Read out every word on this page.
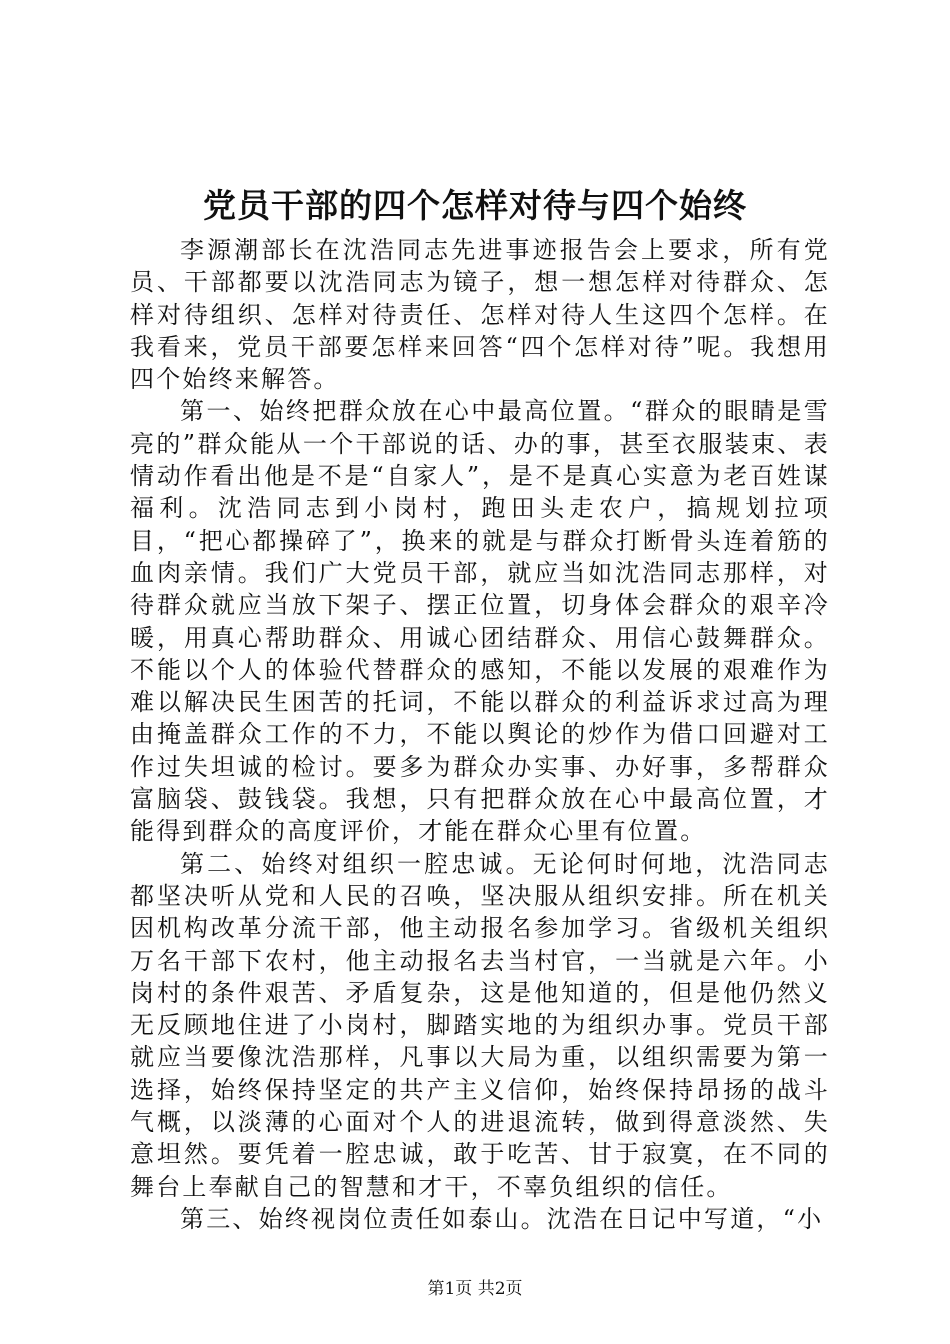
党员干部的四个怎样对待与四个始终

李源潮部长在沈浩同志先进事迹报告会上要求，所有党员、干部都要以沈浩同志为镜子，想一想怎样对待群众、怎样对待组织、怎样对待责任、怎样对待人生这四个怎样。在我看来，党员干部要怎样来回答“四个怎样对待”呢。我想用四个始终来解答。

第一、始终把群众放在心中最高位置。“群众的眼睛是雪亮的”群众能从一个干部说的话、办的事，甚至衣服装束、表情动作看出他是不是“自家人”，是不是真心实意为老百姓谋福利。沈浩同志到小岗村，跑田头走农户，搞规划拉项目，“把心都操碎了”，换来的就是与群众打断骨头连着筋的血肉亲情。我们广大党员干部，就应当如沈浩同志那样，对待群众就应当放下架子、摆正位置，切身体会群众的艰辛冷暖，用真心帮助群众、用诚心团结群众、用信心鼓舞群众。不能以个人的体验代替群众的感知，不能以发展的艰难作为难以解决民生困苦的托词，不能以群众的利益诉求过高为理由掩盖群众工作的不力，不能以舆论的炒作为借口回避对工作过失坦诚的检讨。要多为群众办实事、办好事，多帮群众富脑袋、鼓钱袋。我想，只有把群众放在心中最高位置，才能得到群众的高度评价，才能在群众心里有位置。

第二、始终对组织一腔忠诚。无论何时何地，沈浩同志都坚决听从党和人民的召唤，坚决服从组织安排。所在机关因机构改革分流干部，他主动报名参加学习。省级机关组织万名干部下农村，他主动报名去当村官，一当就是六年。小岗村的条件艰苦、矛盾复杂，这是他知道的，但是他仍然义无反顾地住进了小岗村，脚踏实地的为组织办事。党员干部就应当要像沈浩那样，凡事以大局为重，以组织需要为第一选择，始终保持坚定的共产主义信仰，始终保持昂扬的战斗气概，以淡薄的心面对个人的进退流转，做到得意淡然、失意坦然。要凭着一腔忠诚，敢于吃苦、甘于寂寞，在不同的舞台上奉献自己的智慧和才干，不辜负组织的信任。

第三、始终视岗位责任如泰山。沈浩在日记中写道，“小

第1页 共2页
